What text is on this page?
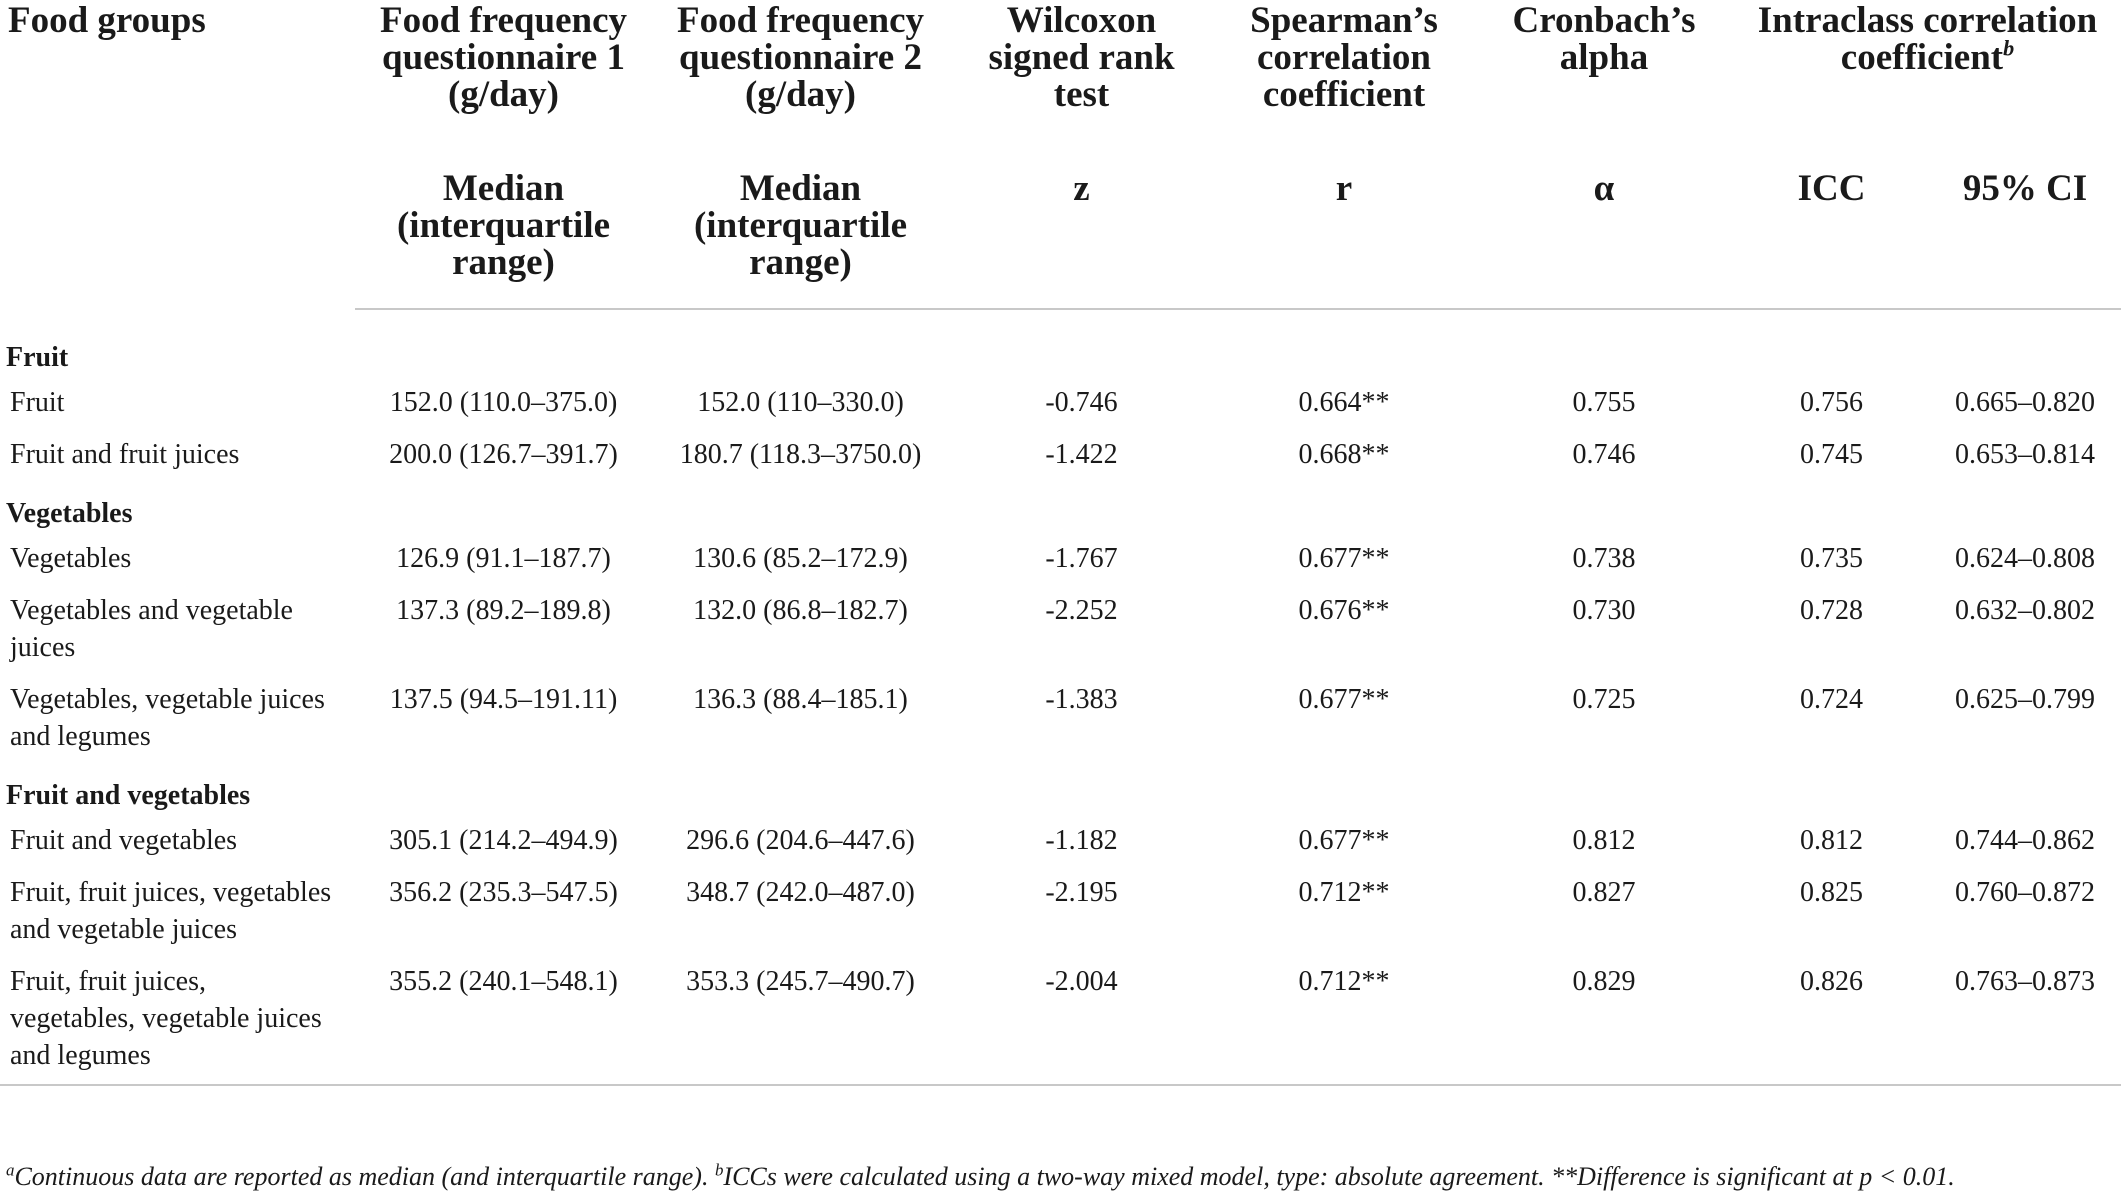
Food groups	Food frequency questionnaire 1 (g/day)	Food frequency questionnaire 2 (g/day)	Wilcoxon signed rank test	Spearman’s correlation coefficient	Cronbach’s alpha	Intraclass correlation coefficient$^b$
	Median (interquartile range)	Median (interquartile range)	z	r	α	ICC	95% CI
Fruit							
Fruit	152.0 (110.0–375.0)	152.0 (110–330.0)	-0.746	0.664**	0.755	0.756	0.665–0.820
Fruit and fruit juices	200.0 (126.7–391.7)	180.7 (118.3–3750.0)	-1.422	0.668**	0.746	0.745	0.653–0.814
Vegetables							
Vegetables	126.9 (91.1–187.7)	130.6 (85.2–172.9)	-1.767	0.677**	0.738	0.735	0.624–0.808
Vegetables and vegetable juices	137.3 (89.2–189.8)	132.0 (86.8–182.7)	-2.252	0.676**	0.730	0.728	0.632–0.802
Vegetables, vegetable juices and legumes	137.5 (94.5–191.11)	136.3 (88.4–185.1)	-1.383	0.677**	0.725	0.724	0.625–0.799
Fruit and vegetables							
Fruit and vegetables	305.1 (214.2–494.9)	296.6 (204.6–447.6)	-1.182	0.677**	0.812	0.812	0.744–0.862
Fruit, fruit juices, vegetables and vegetable juices	356.2 (235.3–547.5)	348.7 (242.0–487.0)	-2.195	0.712**	0.827	0.825	0.760–0.872
Fruit, fruit juices, vegetables, vegetable juices and legumes	355.2 (240.1–548.1)	353.3 (245.7–490.7)	-2.004	0.712**	0.829	0.826	0.763–0.873
$^a$Continuous data are reported as median (and interquartile range). $^b$ICCs were calculated using a two-way mixed model, type: absolute agreement. **Difference is significant at p < 0.01.
